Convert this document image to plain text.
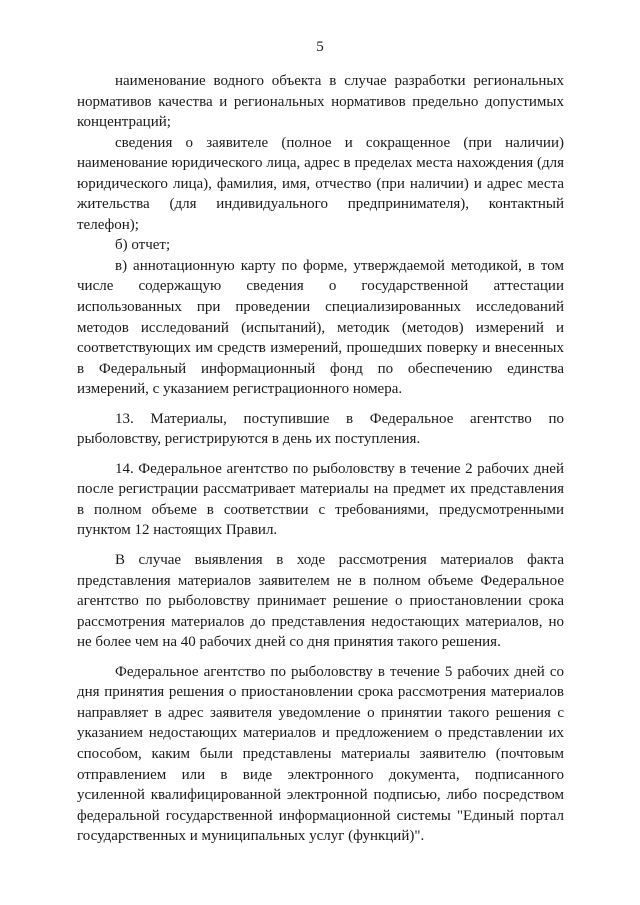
5

наименование водного объекта в случае разработки региональных нормативов качества и региональных нормативов предельно допустимых концентраций;

сведения о заявителе (полное и сокращенное (при наличии) наименование юридического лица, адрес в пределах места нахождения (для юридического лица), фамилия, имя, отчество (при наличии) и адрес места жительства (для индивидуального предпринимателя), контактный телефон);

б) отчет;

в) аннотационную карту по форме, утверждаемой методикой, в том числе содержащую сведения о государственной аттестации использованных при проведении специализированных исследований методов исследований (испытаний), методик (методов) измерений и соответствующих им средств измерений, прошедших поверку и внесенных в Федеральный информационный фонд по обеспечению единства измерений, с указанием регистрационного номера.

13. Материалы, поступившие в Федеральное агентство по рыболовству, регистрируются в день их поступления.

14. Федеральное агентство по рыболовству в течение 2 рабочих дней после регистрации рассматривает материалы на предмет их представления в полном объеме в соответствии с требованиями, предусмотренными пунктом 12 настоящих Правил.

В случае выявления в ходе рассмотрения материалов факта представления материалов заявителем не в полном объеме Федеральное агентство по рыболовству принимает решение о приостановлении срока рассмотрения материалов до представления недостающих материалов, но не более чем на 40 рабочих дней со дня принятия такого решения.

Федеральное агентство по рыболовству в течение 5 рабочих дней со дня принятия решения о приостановлении срока рассмотрения материалов направляет в адрес заявителя уведомление о принятии такого решения с указанием недостающих материалов и предложением о представлении их способом, каким были представлены материалы заявителю (почтовым отправлением или в виде электронного документа, подписанного усиленной квалифицированной электронной подписью, либо посредством федеральной государственной информационной системы "Единый портал государственных и муниципальных услуг (функций)".
